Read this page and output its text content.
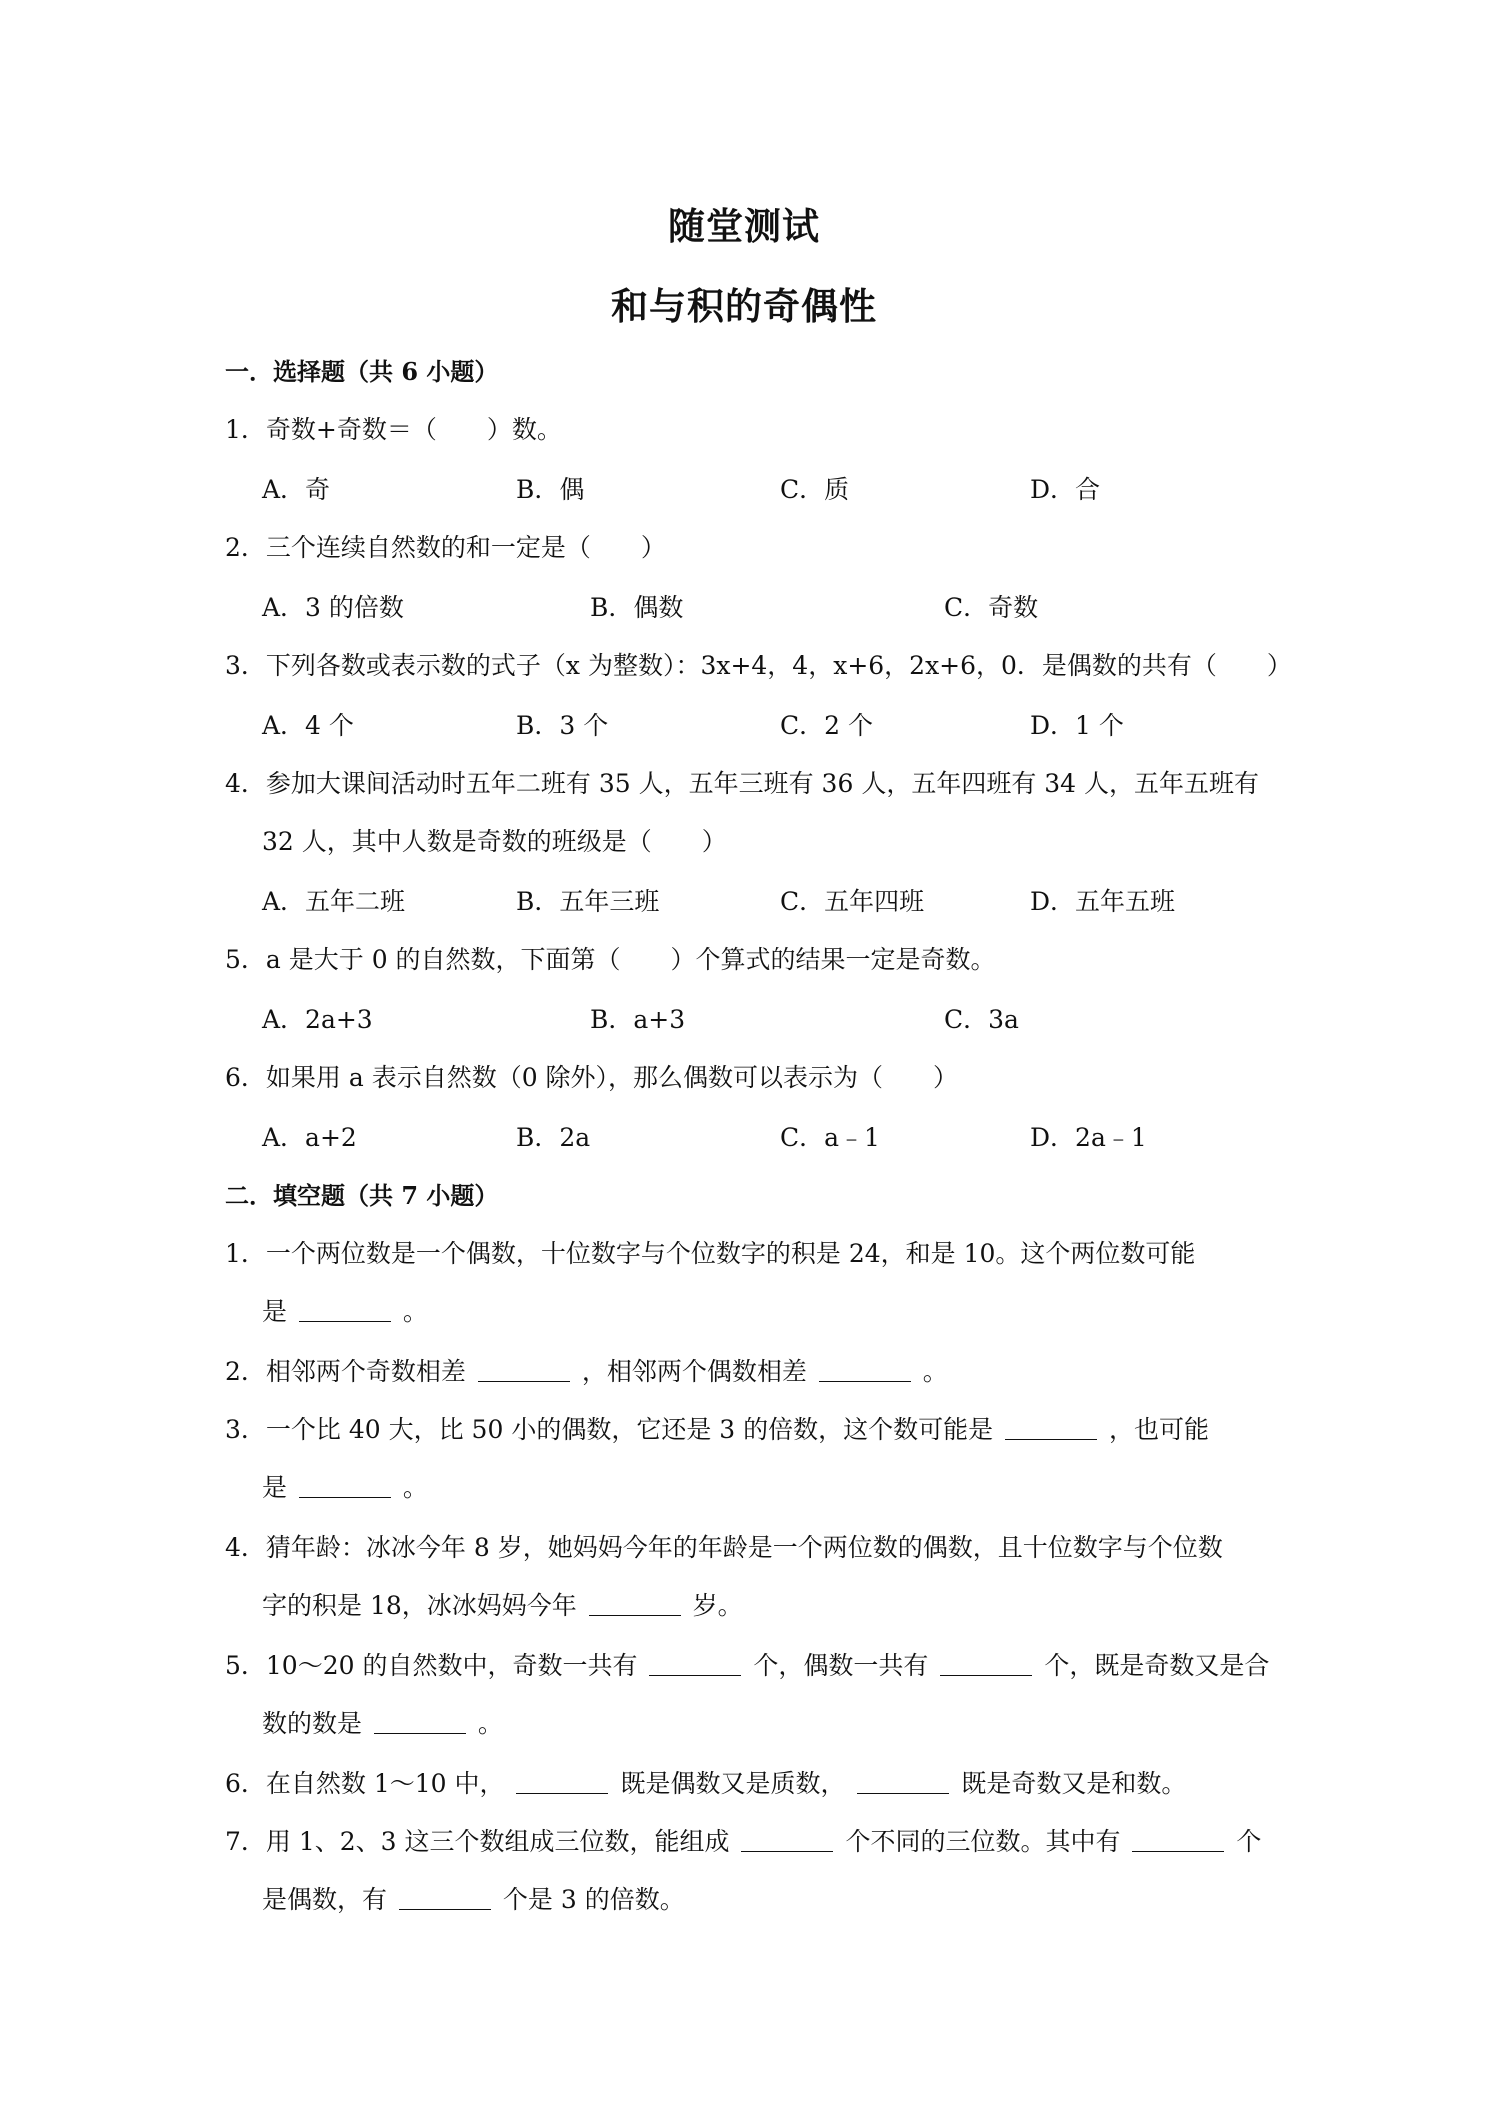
随堂测试
和与积的奇偶性
一．选择题（共 6 小题）
1．奇数+奇数＝（　　）数。
A．奇	B．偶	C．质	D．合
2．三个连续自然数的和一定是（　　）
A．3 的倍数	B．偶数	C．奇数
3．下列各数或表示数的式子（x 为整数）：3x+4，4，x+6，2x+6，0．是偶数的共有（　　）
A．4 个	B．3 个	C．2 个	D．1 个
4．参加大课间活动时五年二班有 35 人，五年三班有 36 人，五年四班有 34 人，五年五班有
32 人，其中人数是奇数的班级是（　　）
A．五年二班	B．五年三班	C．五年四班	D．五年五班
5．a 是大于 0 的自然数，下面第（　　）个算式的结果一定是奇数。
A．2a+3	B．a+3	C．3a
6．如果用 a 表示自然数（0 除外），那么偶数可以表示为（　　）
A．a+2	B．2a	C．a﹣1	D．2a﹣1
二．填空题（共 7 小题）
1．一个两位数是一个偶数，十位数字与个位数字的积是 24，和是 10。这个两位数可能
是	。
2．相邻两个奇数相差	，相邻两个偶数相差	。
3．一个比 40 大，比 50 小的偶数，它还是 3 的倍数，这个数可能是	，也可能
是	。
4．猜年龄：冰冰今年 8 岁，她妈妈今年的年龄是一个两位数的偶数，且十位数字与个位数
字的积是 18，冰冰妈妈今年	岁。
5．10～20 的自然数中，奇数一共有	个，偶数一共有	个，既是奇数又是合
数的数是	。
6．在自然数 1～10 中，	既是偶数又是质数，	既是奇数又是和数。
7．用 1、2、3 这三个数组成三位数，能组成	个不同的三位数。其中有	个
是偶数，有	个是 3 的倍数。
